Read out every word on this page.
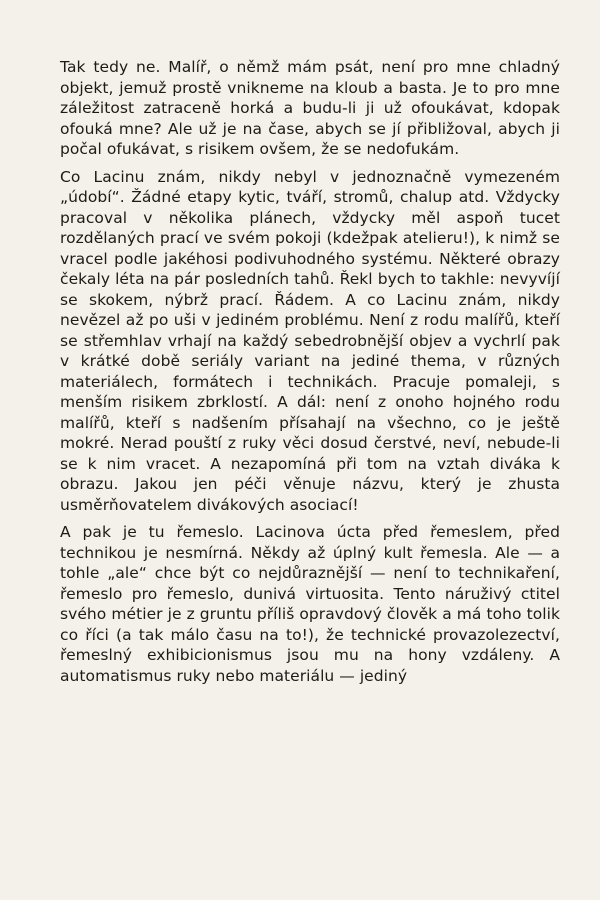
Tak tedy ne. Malíř, o němž mám psát, není pro mne chladný objekt, jemuž prostě vnikneme na kloub a basta. Je to pro mne záležitost zatraceně horká a budu-li ji už ofoukávat, kdopak ofouká mne? Ale už je na čase, abych se jí přibližoval, abych ji počal ofukávat, s risikem ovšem, že se nedofukám.

Co Lacinu znám, nikdy nebyl v jednoznačně vymezeném „údobí“. Žádné etapy kytic, tváří, stromů, chalup atd. Vždycky pracoval v několika plánech, vždycky měl aspoň tucet rozdělaných prací ve svém pokoji (kdežpak atelieru!), k nimž se vracel podle jakéhosi podivuhodného systému. Některé obrazy čekaly léta na pár posledních tahů. Řekl bych to takhle: nevyvíjí se skokem, nýbrž prací. Řádem. A co Lacinu znám, nikdy nevězel až po uši v jediném problému. Není z rodu malířů, kteří se střemhlav vrhají na každý sebedrobnější objev a vychrlí pak v krátké době seriály variant na jediné thema, v různých materiálech, formátech i technikách. Pracuje pomaleji, s menším risikem zbrklostí. A dál: není z onoho hojného rodu malířů, kteří s nadšením přísahají na všechno, co je ještě mokré. Nerad pouští z ruky věci dosud čerstvé, neví, nebude-li se k nim vracet. A nezapomíná při tom na vztah diváka k obrazu. Jakou jen péči věnuje názvu, který je zhusta usměrňovatelem divákových asociací!

A pak je tu řemeslo. Lacinova úcta před řemeslem, před technikou je nesmírná. Někdy až úplný kult řemesla. Ale — a tohle „ale“ chce být co nejdůraznější — není to technikaření, řemeslo pro řemeslo, dunivá virtuosita. Tento náruživý ctitel svého métier je z gruntu příliš opravdový člověk a má toho tolik co říci (a tak málo času na to!), že technické provazolezectví, řemeslný exhibicionismus jsou mu na hony vzdáleny. A automatismus ruky nebo materiálu — jediný
